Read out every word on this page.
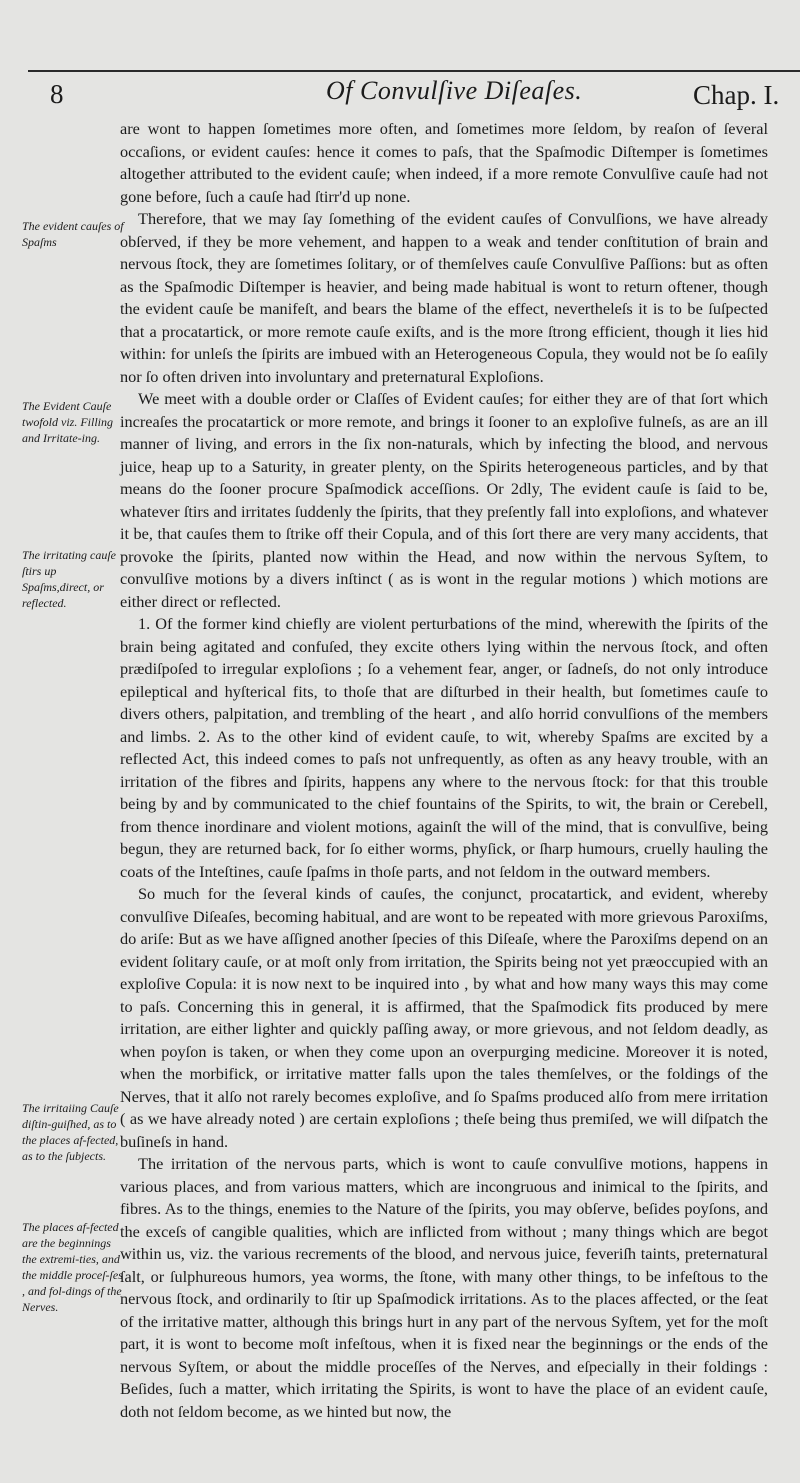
8	Of Convulſive Diſeaſes.	Chap. I.
The evident cauſes of Spaſms
The Evident Cauſe twofold viz. Filling and Irritate-ing.
The irritating cauſe ſtirs up Spaſms,direct, or reflected.
The irritaiing Cauſe diſtin-guiſhed, as to the places af-fected, as to the ſubjects.
The places af-fected are the beginnings the extremi-ties, and the middle proceſ-ſes , and fol-dings of the Nerves.

are wont to happen ſometimes more often, and ſometimes more ſeldom, by reaſon of ſeveral occaſions, or evident cauſes: hence it comes to paſs, that the Spaſmodic Diſtemper is ſometimes altogether attributed to the evident cauſe; when indeed, if a more remote Convulſive cauſe had not gone before, ſuch a cauſe had ſtirr'd up none.

Therefore, that we may ſay ſomething of the evident cauſes of Convulſions, we have already obſerved, if they be more vehement, and happen to a weak and tender conſtitution of brain and nervous ſtock, they are ſometimes ſolitary, or of themſelves cauſe Convulſive Paſſions: but as often as the Spaſmodic Diſtemper is heavier, and being made habitual is wont to return oftener, though the evident cauſe be manifeſt, and bears the blame of the effect, nevertheleſs it is to be ſuſpected that a procatartick, or more remote cauſe exiſts, and is the more ſtrong efficient, though it lies hid within: for unleſs the ſpirits are imbued with an Heterogeneous Copula, they would not be ſo eaſily nor ſo often driven into involuntary and preternatural Exploſions.

We meet with a double order or Claſſes of Evident cauſes; for either they are of that ſort which increaſes the procatartick or more remote, and brings it ſooner to an exploſive fulneſs, as are an ill manner of living, and errors in the ſix non-naturals, which by infecting the blood, and nervous juice, heap up to a Saturity, in greater plenty, on the Spirits heterogeneous particles, and by that means do the ſooner procure Spaſmodick acceſſions. Or 2dly, The evident cauſe is ſaid to be, whatever ſtirs and irritates ſuddenly the ſpirits, that they preſently fall into exploſions, and whatever it be, that cauſes them to ſtrike off their Copula, and of this ſort there are very many accidents, that provoke the ſpirits, planted now within the Head, and now within the nervous Syſtem, to convulſive motions by a divers inſtinct ( as is wont in the regular motions ) which motions are either direct or reflected.

1. Of the former kind chiefly are violent perturbations of the mind, wherewith the ſpirits of the brain being agitated and confuſed, they excite others lying within the nervous ſtock, and often prædiſpoſed to irregular exploſions ; ſo a vehement fear, anger, or ſadneſs, do not only introduce epileptical and hyſterical fits, to thoſe that are diſturbed in their health, but ſometimes cauſe to divers others, palpitation, and trembling of the heart , and alſo horrid convulſions of the members and limbs. 2. As to the other kind of evident cauſe, to wit, whereby Spaſms are excited by a reflected Act, this indeed comes to paſs not unfrequently, as often as any heavy trouble, with an irritation of the fibres and ſpirits, happens any where to the nervous ſtock: for that this trouble being by and by communicated to the chief fountains of the Spirits, to wit, the brain or Cerebell, from thence inordinare and violent motions, againſt the will of the mind, that is convulſive, being begun, they are returned back, for ſo either worms, phyſick, or ſharp humours, cruelly hauling the coats of the Inteſtines, cauſe ſpaſms in thoſe parts, and not ſeldom in the outward members.

So much for the ſeveral kinds of cauſes, the conjunct, procatartick, and evident, whereby convulſive Diſeaſes, becoming habitual, and are wont to be repeated with more grievous Paroxiſms, do ariſe: But as we have aſſigned another ſpecies of this Diſeaſe, where the Paroxiſms depend on an evident ſolitary cauſe, or at moſt only from irritation, the Spirits being not yet præoccupied with an exploſive Copula: it is now next to be inquired into , by what and how many ways this may come to paſs. Concerning this in general, it is affirmed, that the Spaſmodick fits produced by mere irritation, are either lighter and quickly paſſing away, or more grievous, and not ſeldom deadly, as when poyſon is taken, or when they come upon an overpurging medicine. Moreover it is noted, when the morbifick, or irritative matter falls upon the tales themſelves, or the foldings of the Nerves, that it alſo not rarely becomes exploſive, and ſo Spaſms produced alſo from mere irritation ( as we have already noted ) are certain exploſions ; theſe being thus premiſed, we will diſpatch the buſineſs in hand.

The irritation of the nervous parts, which is wont to cauſe convulſive motions, happens in various places, and from various matters, which are incongruous and inimical to the ſpirits, and fibres. As to the things, enemies to the Nature of the ſpirits, you may obſerve, beſides poyſons, and the exceſs of cangible qualities, which are inflicted from without ; many things which are begot within us, viz. the various recrements of the blood, and nervous juice, feveriſh taints, preternatural ſalt, or ſulphureous humors, yea worms, the ſtone, with many other things, to be infeſtous to the nervous ſtock, and ordinarily to ſtir up Spaſmodick irritations. As to the places affected, or the ſeat of the irritative matter, although this brings hurt in any part of the nervous Syſtem, yet for the moſt part, it is wont to become moſt infeſtous, when it is fixed near the beginnings or the ends of the nervous Syſtem, or about the middle proceſſes of the Nerves, and eſpecially in their foldings : Beſides, ſuch a matter, which irritating the Spirits, is wont to have the place of an evident cauſe, doth not ſeldom become, as we hinted but now, the
